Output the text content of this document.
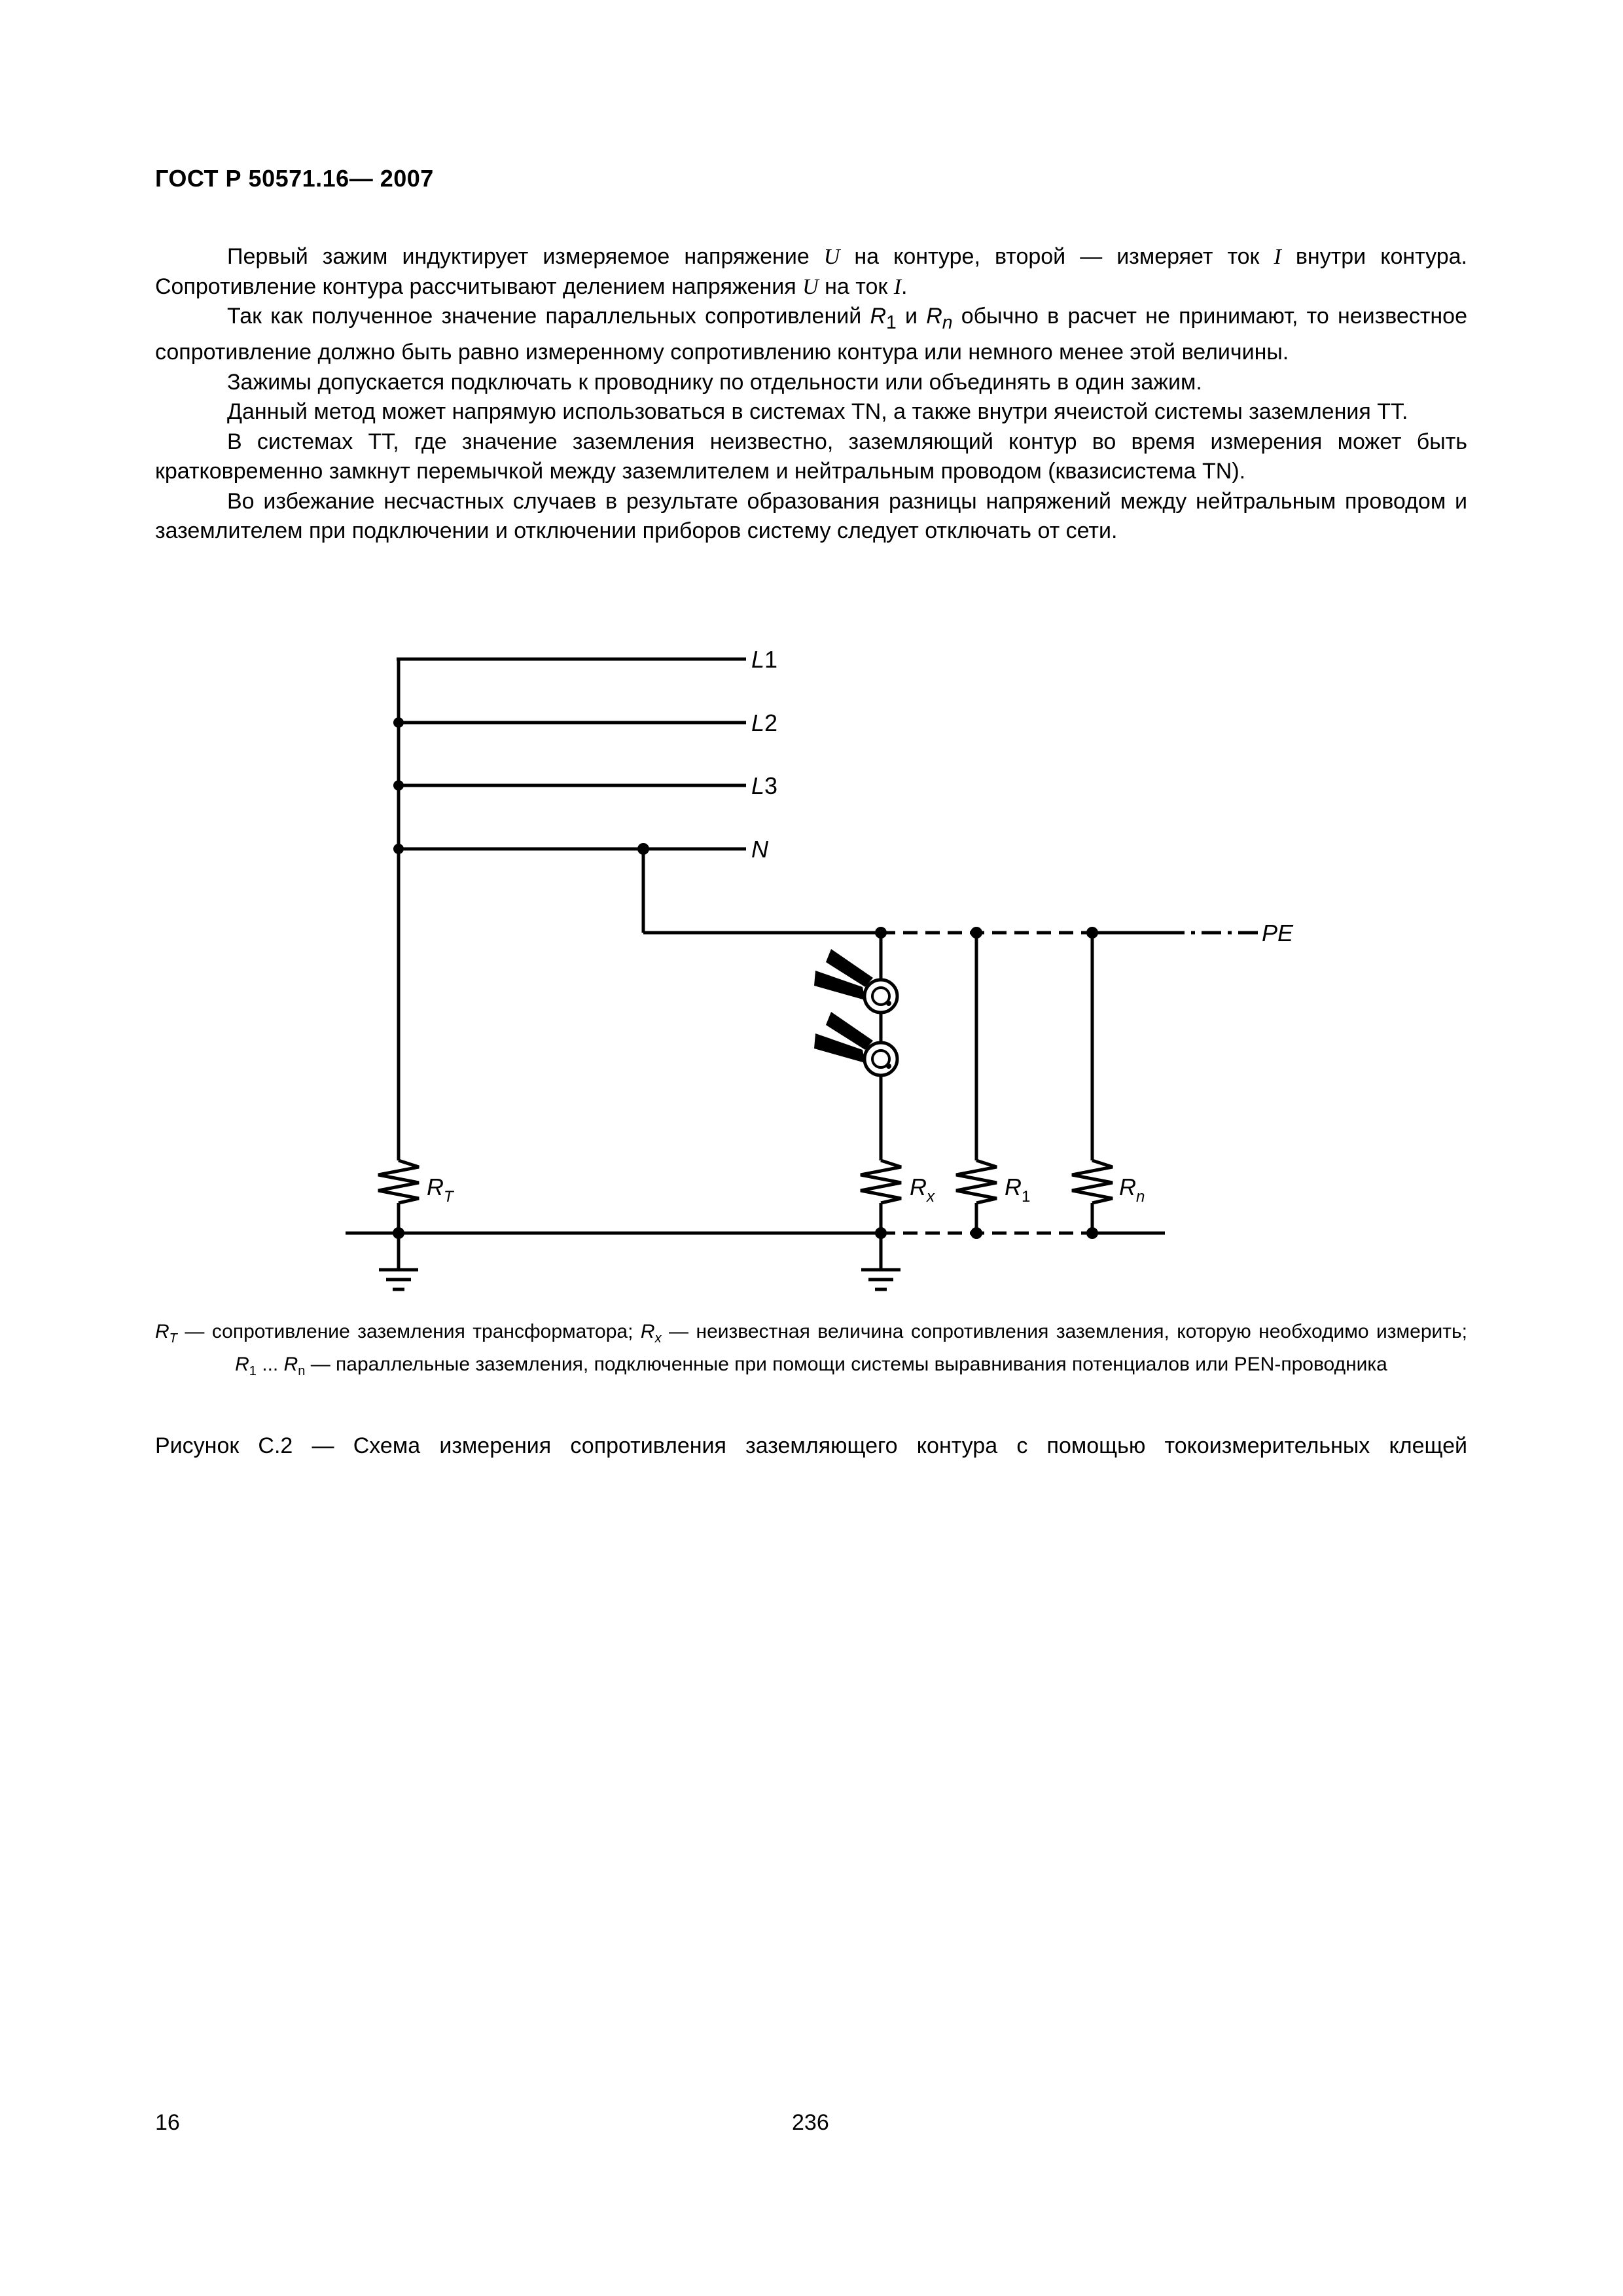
ГОСТ Р 50571.16— 2007

Первый зажим индуктирует измеряемое напряжение U на контуре, второй — измеряет ток I внутри контура. Сопротивление контура рассчитывают делением напряжения U на ток I.

Так как полученное значение параллельных сопротивлений $R_1$ и $R_n$ обычно в расчет не принимают, то неизвестное сопротивление должно быть равно измеренному сопротивлению контура или немного менее этой величины.

Зажимы допускается подключать к проводнику по отдельности или объединять в один зажим.

Данный метод может напрямую использоваться в системах TN, а также внутри ячеистой системы заземления ТТ.

В системах ТТ, где значение заземления неизвестно, заземляющий контур во время измерения может быть кратковременно замкнут перемычкой между заземлителем и нейтральным проводом (квазисистема TN).

Во избежание несчастных случаев в результате образования разницы напряжений между нейтральным проводом и заземлителем при подключении и отключении приборов систему следует отключать от сети.

L1
L2
L3
N
PE
$R_T$	$R_x$	$R_1$	$R_n$
$R_T$ — сопротивление заземления трансформатора; $R_x$ — неизвестная величина сопротивления заземления, которую необходимо измерить; $R_1$ ... $R_n$ — параллельные заземления, подключенные при помощи системы выравнивания потенциалов или PEN-проводника
Рисунок С.2 — Схема измерения сопротивления заземляющего контура с помощью токоизмерительных клещей
16	236
